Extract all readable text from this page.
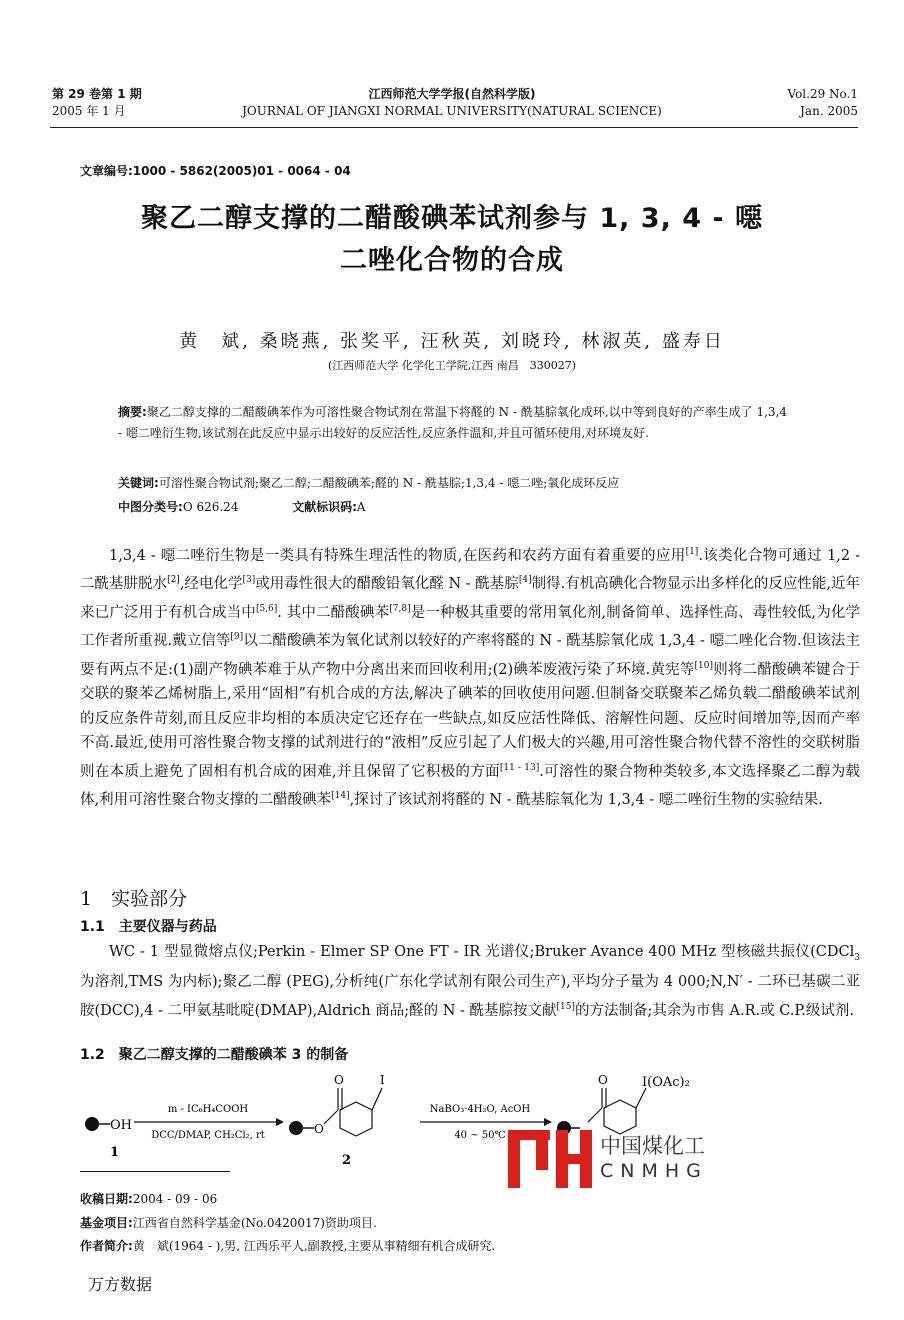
第 29 卷第 1 期
2005 年 1 月
江西师范大学学报(自然科学版)
JOURNAL OF JIANGXI NORMAL UNIVERSITY(NATURAL SCIENCE)
Vol.29 No.1
Jan. 2005
文章编号:1000 - 5862(2005)01 - 0064 - 04
聚乙二醇支撑的二醋酸碘苯试剂参与 1, 3, 4 - 噁
二唑化合物的合成
黄　斌, 桑晓燕, 张奖平, 汪秋英, 刘晓玲, 林淑英, 盛寿日
(江西师范大学 化学化工学院,江西 南昌　330027)
摘要:聚乙二醇支撑的二醋酸碘苯作为可溶性聚合物试剂在常温下将醛的 N - 酰基腙氧化成环,以中等到良好的产率生成了 1,3,4 - 噁二唑衍生物,该试剂在此反应中显示出较好的反应活性,反应条件温和,并且可循环使用,对环境友好.
关键词:可溶性聚合物试剂;聚乙二醇;二醋酸碘苯;醛的 N - 酰基腙;1,3,4 - 噁二唑;氧化成环反应
中图分类号:O 626.24	文献标识码:A

1,3,4 - 噁二唑衍生物是一类具有特殊生理活性的物质,在医药和农药方面有着重要的应用[1].该类化合物可通过 1,2 - 二酰基肼脱水[2],经电化学[3]或用毒性很大的醋酸铅氧化醛 N - 酰基腙[4]制得.有机高碘化合物显示出多样化的反应性能,近年来已广泛用于有机合成当中[5,6]. 其中二醋酸碘苯[7,8]是一种极其重要的常用氧化剂,制备简单、选择性高、毒性较低,为化学工作者所重视.戴立信等[9]以二醋酸碘苯为氧化试剂以较好的产率将醛的 N - 酰基腙氧化成 1,3,4 - 噁二唑化合物.但该法主要有两点不足:(1)副产物碘苯难于从产物中分离出来而回收利用;(2)碘苯废液污染了环境.黄宪等[10]则将二醋酸碘苯键合于交联的聚苯乙烯树脂上,采用“固相”有机合成的方法,解决了碘苯的回收使用问题.但制备交联聚苯乙烯负载二醋酸碘苯试剂的反应条件苛刻,而且反应非均相的本质决定它还存在一些缺点,如反应活性降低、溶解性问题、反应时间增加等,因而产率不高.最近,使用可溶性聚合物支撑的试剂进行的“液相”反应引起了人们极大的兴趣,用可溶性聚合物代替不溶性的交联树脂则在本质上避免了固相有机合成的困难,并且保留了它积极的方面[11 - 13].可溶性的聚合物种类较多,本文选择聚乙二醇为载体,利用可溶性聚合物支撑的二醋酸碘苯[14],探讨了该试剂将醛的 N - 酰基腙氧化为 1,3,4 - 噁二唑衍生物的实验结果.

1　实验部分
1.1　主要仪器与药品

WC - 1 型显微熔点仪;Perkin - Elmer SP One FT - IR 光谱仪;Bruker Avance 400 MHz 型核磁共振仪(CDCl$_3$为溶剂,TMS 为内标);聚乙二醇 (PEG),分析纯(广东化学试剂有限公司生产),平均分子量为 4 000;N,N′ - 二环已基碳二亚胺(DCC),4 - 二甲氨基吡啶(DMAP),Aldrich 商品;醛的 N - 酰基腙按文献[15]的方法制备;其余为市售 A.R.或 C.P.级试剂.

1.2　聚乙二醇支撑的二醋酸碘苯 3 的制备
OH
1
m - IC₆H₄COOH
DCC/DMAP, CH₂Cl₂, rt	O
O	I
2
NaBO₃·4H₂O, AcOH
40 ~ 50℃
O	I(OAc)₂
中国煤化工
CNMHG
收稿日期:2004 - 09 - 06
基金项目:江西省自然科学基金(No.0420017)资助项目.
作者简介:黄　斌(1964 - ),男, 江西乐平人,副教授,主要从事精细有机合成研究.
万方数据
